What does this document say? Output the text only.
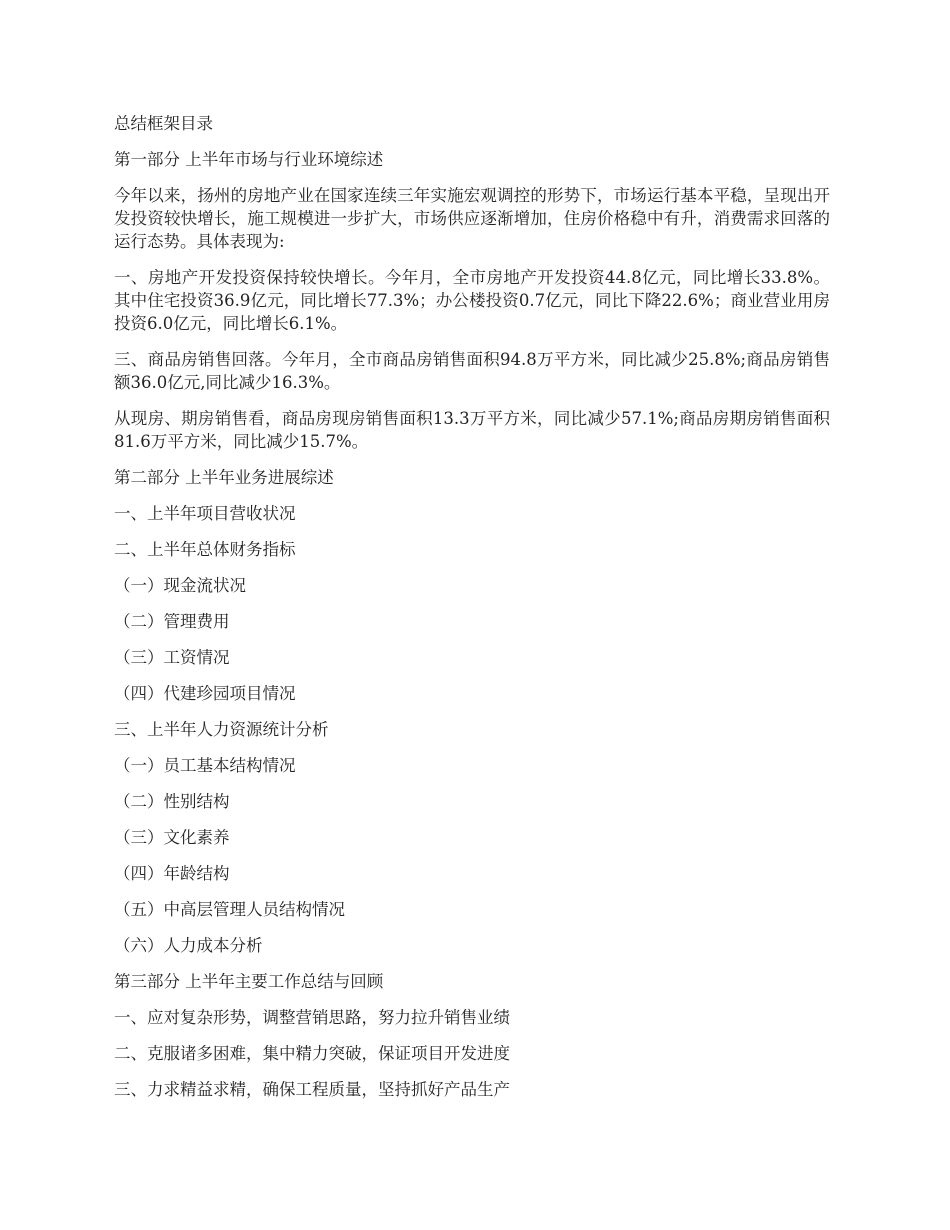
总结框架目录

第一部分 上半年市场与行业环境综述

今年以来，扬州的房地产业在国家连续三年实施宏观调控的形势下，市场运行基本平稳，呈现出开发投资较快增长，施工规模进一步扩大，市场供应逐渐增加，住房价格稳中有升，消费需求回落的运行态势。具体表现为:

一、房地产开发投资保持较快增长。今年月，全市房地产开发投资44.8亿元，同比增长33.8%。其中住宅投资36.9亿元，同比增长77.3%；办公楼投资0.7亿元，同比下降22.6%；商业营业用房投资6.0亿元，同比增长6.1%。

三、商品房销售回落。今年月，全市商品房销售面积94.8万平方米，同比减少25.8%;商品房销售额36.0亿元,同比减少16.3%。

从现房、期房销售看，商品房现房销售面积13.3万平方米，同比减少57.1%;商品房期房销售面积81.6万平方米，同比减少15.7%。

第二部分 上半年业务进展综述

一、上半年项目营收状况

二、上半年总体财务指标

（一）现金流状况

（二）管理费用

（三）工资情况

（四）代建珍园项目情况

三、上半年人力资源统计分析

（一）员工基本结构情况

（二）性别结构

（三）文化素养

（四）年龄结构

（五）中高层管理人员结构情况

（六）人力成本分析

第三部分 上半年主要工作总结与回顾

一、应对复杂形势，调整营销思路，努力拉升销售业绩

二、克服诸多困难，集中精力突破，保证项目开发进度

三、力求精益求精，确保工程质量，坚持抓好产品生产
